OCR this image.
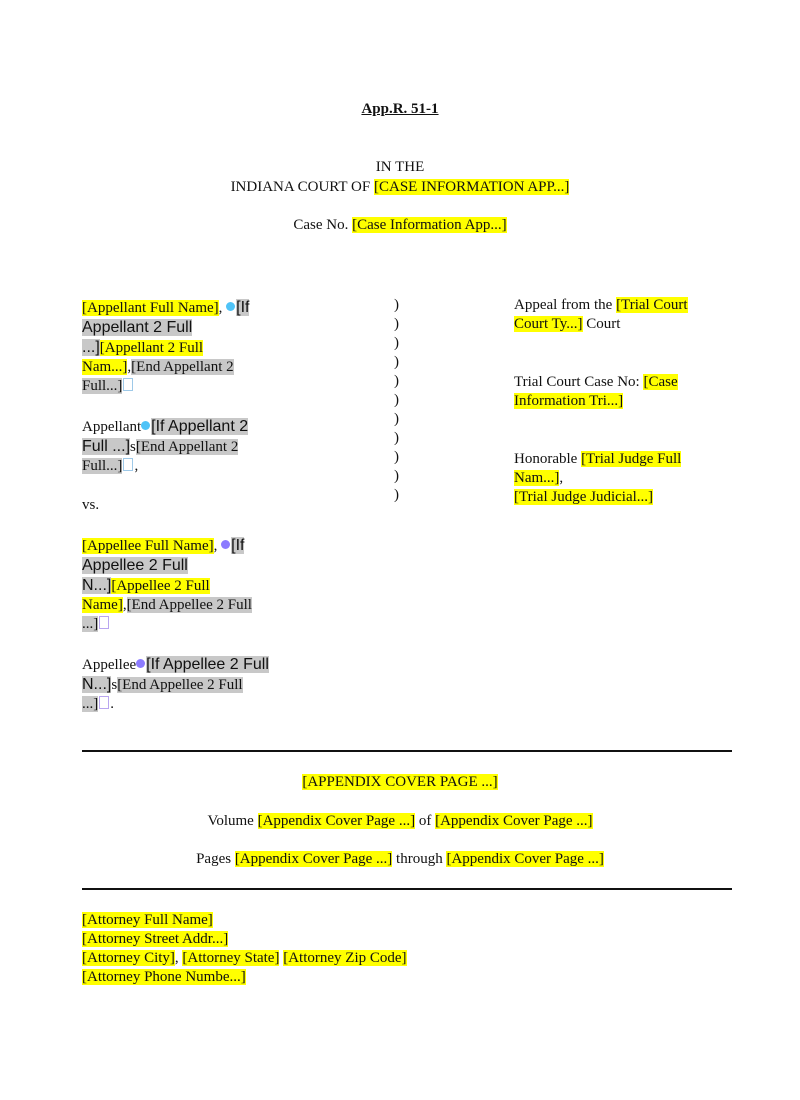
App.R. 51-1
IN THE
INDIANA COURT OF [CASE INFORMATION APP...]
Case No. [Case Information App...]
[Appellant Full Name], [If
Appellant 2 Full
...][Appellant 2 Full
Nam...],[End Appellant 2
Full...]
Appellant [If Appellant 2
Full ...]s[End Appellant 2
Full...] ,
vs.
[Appellee Full Name], [If
Appellee 2 Full
N...][Appellee 2 Full
Name],[End Appellee 2 Full
...]
Appellee [If Appellee 2 Full
N...]s[End Appellee 2 Full
...] .
)
)
)
)
)
)
)
)
)
)
)
Appeal from the [Trial Court
Court Ty...] Court
Trial Court Case No: [Case
Information Tri...]
Honorable [Trial Judge Full
Nam...],
[Trial Judge Judicial...]
[APPENDIX COVER PAGE ...]
Volume [Appendix Cover Page ...] of [Appendix Cover Page ...]
Pages [Appendix Cover Page ...] through [Appendix Cover Page ...]
[Attorney Full Name]
[Attorney Street Addr...]
[Attorney City], [Attorney State] [Attorney Zip Code]
[Attorney Phone Numbe...]
